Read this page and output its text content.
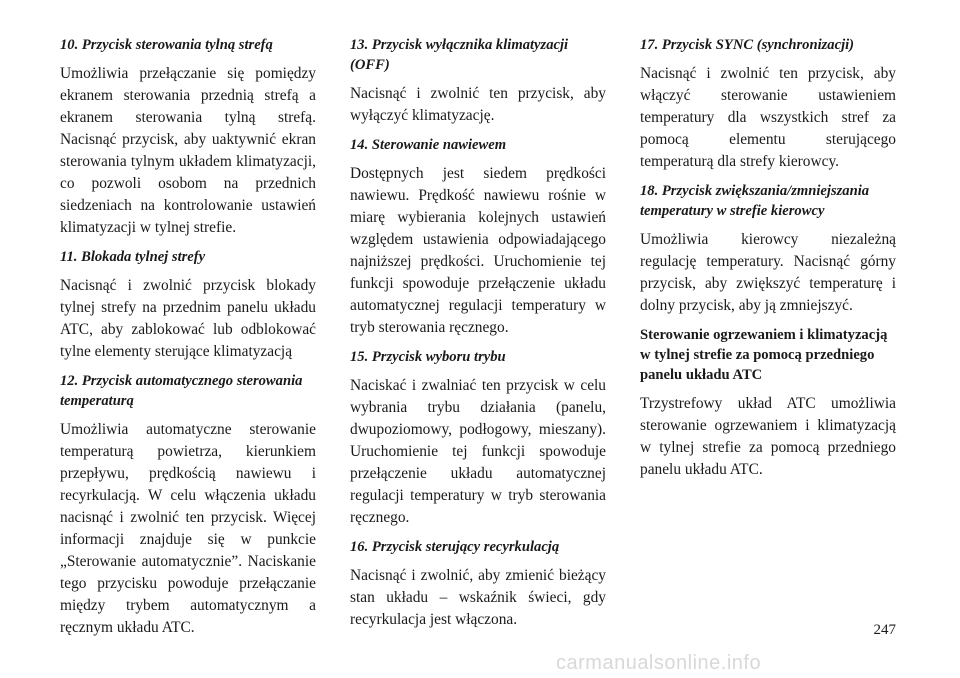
10. Przycisk sterowania tylną strefą

Umożliwia przełączanie się pomiędzy ekranem sterowania przednią strefą a ekranem sterowania tylną strefą. Nacisnąć przycisk, aby uaktywnić ekran sterowania tylnym układem klimatyzacji, co pozwoli osobom na przednich siedzeniach na kontrolowanie ustawień klimatyzacji w tylnej strefie.

11. Blokada tylnej strefy

Nacisnąć i zwolnić przycisk blokady tylnej strefy na przednim panelu układu ATC, aby zablokować lub odblokować tylne elementy sterujące klimatyzacją

12. Przycisk automatycznego sterowania temperaturą

Umożliwia automatyczne sterowanie temperaturą powietrza, kierunkiem przepływu, prędkością nawiewu i recyrkulacją. W celu włączenia układu nacisnąć i zwolnić ten przycisk. Więcej informacji znajduje się w punkcie „Sterowanie automatycznie”. Naciskanie tego przycisku powoduje przełączanie między trybem automatycznym a ręcznym układu ATC.

13. Przycisk wyłącznika klimatyzacji (OFF)

Nacisnąć i zwolnić ten przycisk, aby wyłączyć klimatyzację.

14. Sterowanie nawiewem

Dostępnych jest siedem prędkości nawiewu. Prędkość nawiewu rośnie w miarę wybierania kolejnych ustawień względem ustawienia odpowiadającego najniższej prędkości. Uruchomienie tej funkcji spowoduje przełączenie układu automatycznej regulacji temperatury w tryb sterowania ręcznego.

15. Przycisk wyboru trybu

Naciskać i zwalniać ten przycisk w celu wybrania trybu działania (panelu, dwupoziomowy, podłogowy, mieszany). Uruchomienie tej funkcji spowoduje przełączenie układu automatycznej regulacji temperatury w tryb sterowania ręcznego.

16. Przycisk sterujący recyrkulacją

Nacisnąć i zwolnić, aby zmienić bieżący stan układu – wskaźnik świeci, gdy recyrkulacja jest włączona.

17. Przycisk SYNC (synchronizacji)

Nacisnąć i zwolnić ten przycisk, aby włączyć sterowanie ustawieniem temperatury dla wszystkich stref za pomocą elementu sterującego temperaturą dla strefy kierowcy.

18. Przycisk zwiększania/zmniejszania temperatury w strefie kierowcy

Umożliwia kierowcy niezależną regulację temperatury. Nacisnąć górny przycisk, aby zwiększyć temperaturę i dolny przycisk, aby ją zmniejszyć.

Sterowanie ogrzewaniem i klimatyzacją w tylnej strefie za pomocą przedniego panelu układu ATC

Trzystrefowy układ ATC umożliwia sterowanie ogrzewaniem i klimatyzacją w tylnej strefie za pomocą przedniego panelu układu ATC.

247
carmanualsonline.info
